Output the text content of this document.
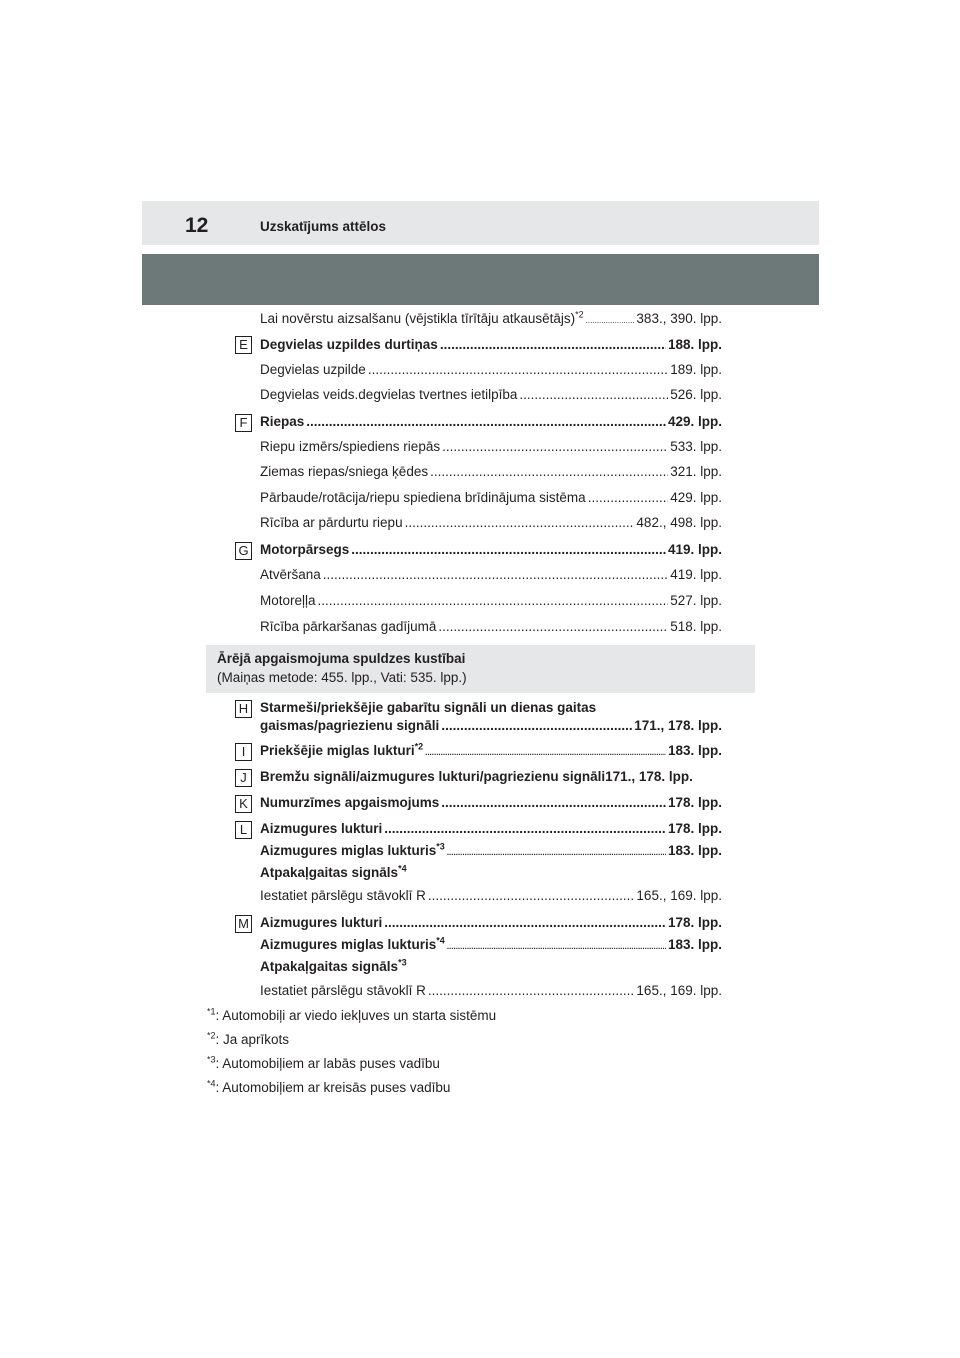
12	Uzskatījums attēlos
Lai novērstu aizsalšanu (vējstikla tīrītāju atkausētājs)$^{*2}$ .....	383., 390. lpp.
E Degvielas uzpildes durtiņas .....	188. lpp.
Degvielas uzpilde .....	189. lpp.
Degvielas veids.degvielas tvertnes ietilpība .....	526. lpp.
F Riepas .....	429. lpp.
Riepu izmērs/spiediens riepās .....	533. lpp.
Ziemas riepas/sniega ķēdes .....	321. lpp.
Pārbaude/rotācija/riepu spiediena brīdinājuma sistēma .....	429. lpp.
Rīcība ar pārdurtu riepu .....	482., 498. lpp.
G Motorpārsegs .....	419. lpp.
Atvēršana .....	419. lpp.
Motoreļļa .....	527. lpp.
Rīcība pārkaršanas gadījumā .....	518. lpp.
Ārējā apgaismojuma spuldzes kustībai
(Maiņas metode: 455. lpp., Vati: 535. lpp.)
H Starmeši/priekšējie gabarītu signāli un dienas gaitas
gaismas/pagriezienu signāli .....	171., 178. lpp.
I	Priekšējie miglas lukturi$^{*2}$ .....	183. lpp.
J Bremžu signāli/aizmugures lukturi/pagriezienu signāli 171., 178. lpp.
K Numurzīmes apgaismojums .....	178. lpp.
L Aizmugures lukturi .....	178. lpp.
Aizmugures miglas lukturis$^{*3}$ .....	183. lpp.
Atpakaļgaitas signāls$^{*4}$
Iestatiet pārslēgu stāvoklī R .....	165., 169. lpp.
M Aizmugures lukturi .....	178. lpp.
Aizmugures miglas lukturis$^{*4}$ .....	183. lpp.
Atpakaļgaitas signāls$^{*3}$
Iestatiet pārslēgu stāvoklī R .....	165., 169. lpp.
$^{*1}$: Automobiļi ar viedo iekļuves un starta sistēmu
$^{*2}$: Ja aprīkots
$^{*3}$: Automobiļiem ar labās puses vadību
$^{*4}$: Automobiļiem ar kreisās puses vadību
